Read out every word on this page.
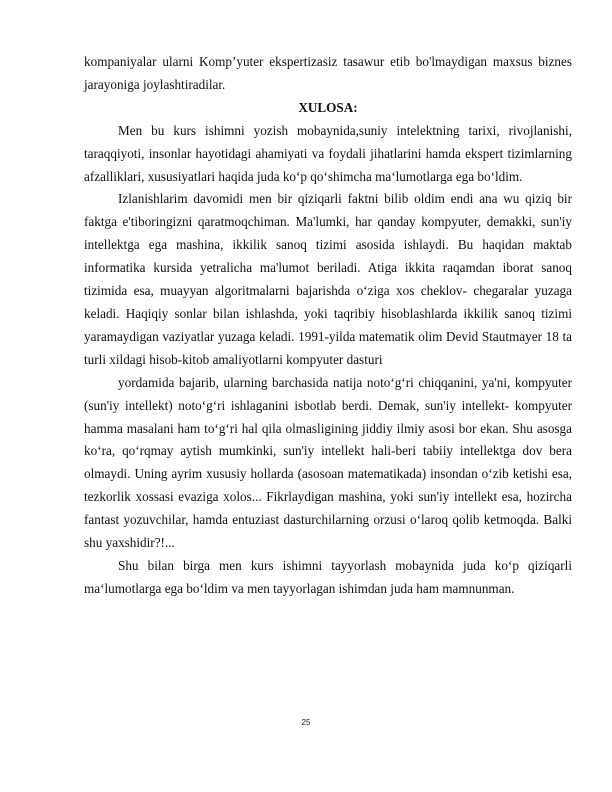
kompaniyalar ularni Komp’yuter ekspertizasiz tasawur etib bo'lmaydigan maxsus biznes jarayoniga joylashtiradilar.

XULOSA:

Men bu kurs ishimni yozish mobaynida,suniy intelektning tarixi, rivojlanishi, taraqqiyoti, insonlar hayotidagi ahamiyati va foydali jihatlarini hamda ekspert tizimlarning afzalliklari, xususiyatlari haqida juda ko‘p qo‘shimcha ma‘lumotlarga ega bo‘ldim.

Izlanishlarim davomidi men bir qiziqarli faktni bilib oldim endi ana wu qiziq bir faktga e'tiboringizni qaratmoqchiman. Ma'lumki, har qanday kompyuter, demakki, sun'iy intellektga ega mashina, ikkilik sanoq tizimi asosida ishlaydi. Bu haqidan maktab informatika kursida yetralicha ma'lumot beriladi. Atiga ikkita raqamdan iborat sanoq tizimida esa, muayyan algoritmalarni bajarishda o‘ziga xos cheklov- chegaralar yuzaga keladi. Haqiqiy sonlar bilan ishlashda, yoki taqribiy hisoblashlarda ikkilik sanoq tizimi yaramaydigan vaziyatlar yuzaga keladi. 1991-yilda matematik olim Devid Stautmayer 18 ta turli xildagi hisob-kitob amaliyotlarni kompyuter dasturi

yordamida bajarib, ularning barchasida natija noto‘g‘ri chiqqanini, ya'ni, kompyuter (sun'iy intellekt) noto‘g‘ri ishlaganini isbotlab berdi. Demak, sun'iy intellekt- kompyuter hamma masalani ham to‘g‘ri hal qila olmasligining jiddiy ilmiy asosi bor ekan. Shu asosga ko‘ra, qo‘rqmay aytish mumkinki, sun'iy intellekt hali-beri tabiiy intellektga dov bera olmaydi. Uning ayrim xususiy hollarda (asosoan matematikada) insondan o‘zib ketishi esa, tezkorlik xossasi evaziga xolos... Fikrlaydigan mashina, yoki sun'iy intellekt esa, hozircha fantast yozuvchilar, hamda entuziast dasturchilarning orzusi o‘laroq qolib ketmoqda. Balki shu yaxshidir?!...

Shu bilan birga men kurs ishimni tayyorlash mobaynida juda ko‘p qiziqarli ma‘lumotlarga ega bo‘ldim va men tayyorlagan ishimdan juda ham mamnunman.

25
